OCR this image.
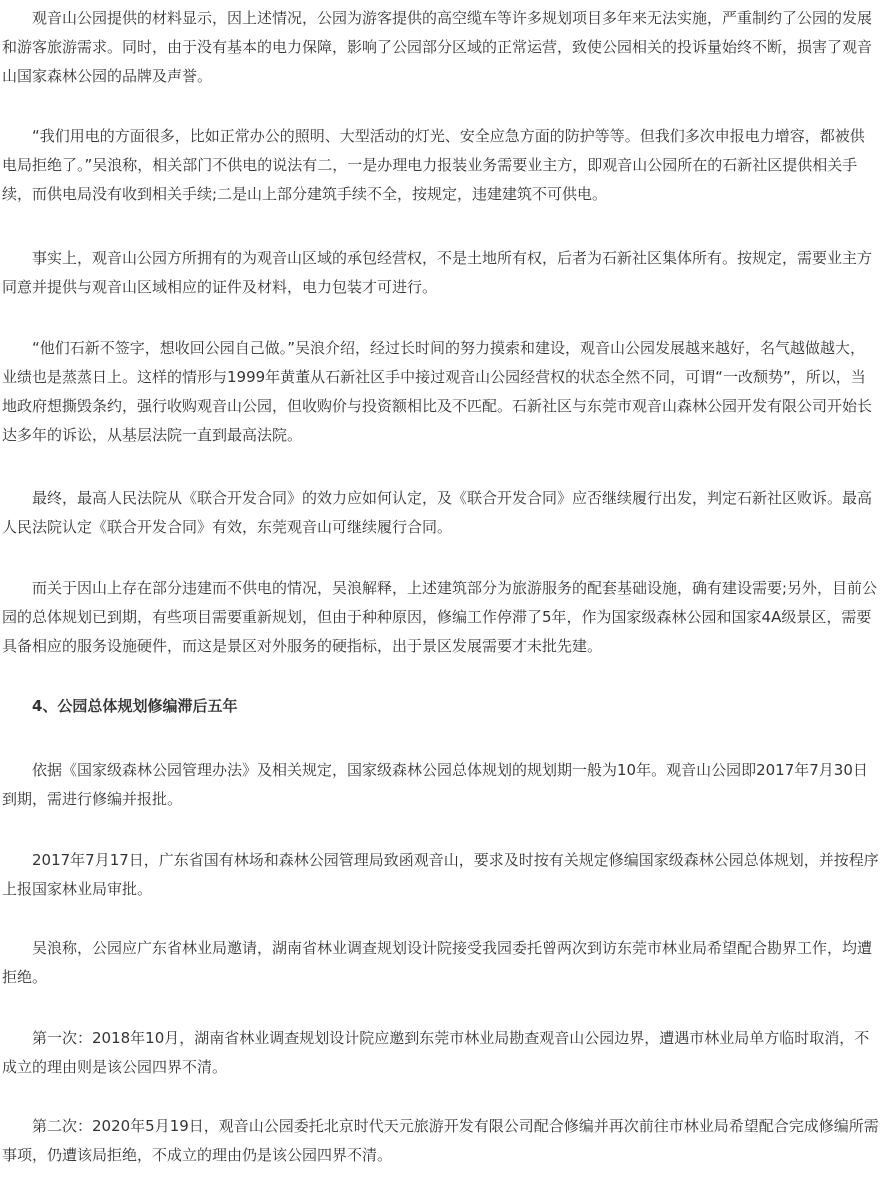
观音山公园提供的材料显示，因上述情况，公园为游客提供的高空缆车等许多规划项目多年来无法实施，严重制约了公园的发展和游客旅游需求。同时，由于没有基本的电力保障，影响了公园部分区域的正常运营，致使公园相关的投诉量始终不断，损害了观音山国家森林公园的品牌及声誉。

“我们用电的方面很多，比如正常办公的照明、大型活动的灯光、安全应急方面的防护等等。但我们多次申报电力增容，都被供电局拒绝了。”吴浪称，相关部门不供电的说法有二，一是办理电力报装业务需要业主方，即观音山公园所在的石新社区提供相关手续，而供电局没有收到相关手续;二是山上部分建筑手续不全，按规定，违建建筑不可供电。

事实上，观音山公园方所拥有的为观音山区域的承包经营权，不是土地所有权，后者为石新社区集体所有。按规定，需要业主方同意并提供与观音山区域相应的证件及材料，电力包装才可进行。

“他们石新不签字，想收回公园自己做。”吴浪介绍，经过长时间的努力摸索和建设，观音山公园发展越来越好，名气越做越大，业绩也是蒸蒸日上。这样的情形与1999年黄董从石新社区手中接过观音山公园经营权的状态全然不同，可谓“一改颓势”，所以，当地政府想撕毁条约，强行收购观音山公园，但收购价与投资额相比及不匹配。石新社区与东莞市观音山森林公园开发有限公司开始长达多年的诉讼，从基层法院一直到最高法院。

最终，最高人民法院从《联合开发合同》的效力应如何认定，及《联合开发合同》应否继续履行出发，判定石新社区败诉。最高人民法院认定《联合开发合同》有效，东莞观音山可继续履行合同。

而关于因山上存在部分违建而不供电的情况，吴浪解释，上述建筑部分为旅游服务的配套基础设施，确有建设需要;另外，目前公园的总体规划已到期，有些项目需要重新规划，但由于种种原因，修编工作停滞了5年，作为国家级森林公园和国家4A级景区，需要具备相应的服务设施硬件，而这是景区对外服务的硬指标，出于景区发展需要才未批先建。

4、公园总体规划修编滞后五年

依据《国家级森林公园管理办法》及相关规定，国家级森林公园总体规划的规划期一般为10年。观音山公园即2017年7月30日到期，需进行修编并报批。

2017年7月17日，广东省国有林场和森林公园管理局致函观音山，要求及时按有关规定修编国家级森林公园总体规划，并按程序上报国家林业局审批。

吴浪称，公园应广东省林业局邀请，湖南省林业调查规划设计院接受我园委托曾两次到访东莞市林业局希望配合勘界工作，均遭拒绝。

第一次：2018年10月，湖南省林业调查规划设计院应邀到东莞市林业局勘查观音山公园边界，遭遇市林业局单方临时取消，不成立的理由则是该公园四界不清。

第二次：2020年5月19日，观音山公园委托北京时代天元旅游开发有限公司配合修编并再次前往市林业局希望配合完成修编所需事项，仍遭该局拒绝，不成立的理由仍是该公园四界不清。
